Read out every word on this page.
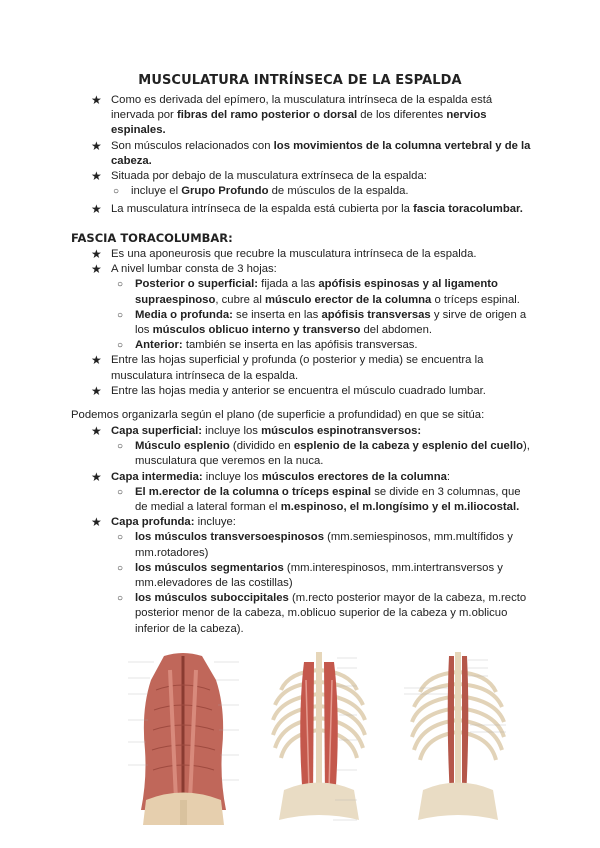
MUSCULATURA INTRÍNSECA DE LA ESPALDA
★ Como es derivada del epímero, la musculatura intrínseca de la espalda está inervada por fibras del ramo posterior o dorsal de los diferentes nervios espinales.
★ Son músculos relacionados con los movimientos de la columna vertebral y de la cabeza.
★ Situada por debajo de la musculatura extrínseca de la espalda:
○ incluye el Grupo Profundo de músculos de la espalda.
★ La musculatura intrínseca de la espalda está cubierta por la fascia toracolumbar.
FASCIA TORACOLUMBAR:
★ Es una aponeurosis que recubre la musculatura intrínseca de la espalda.
★ A nivel lumbar consta de 3 hojas:
○ Posterior o superficial: fijada a las apófisis espinosas y al ligamento supraespinoso, cubre al músculo erector de la columna o tríceps espinal.
○ Media o profunda: se inserta en las apófisis transversas y sirve de origen a los músculos oblicuo interno y transverso del abdomen.
○ Anterior: también se inserta en las apófisis transversas.
★ Entre las hojas superficial y profunda (o posterior y media) se encuentra la musculatura intrínseca de la espalda.
★ Entre las hojas media y anterior se encuentra el músculo cuadrado lumbar.

Podemos organizarla según el plano (de superficie a profundidad) en que se sitúa:

★ Capa superficial: incluye los músculos espinotransversos:
○ Músculo esplenio (dividido en esplenio de la cabeza y esplenio del cuello), musculatura que veremos en la nuca.
★ Capa intermedia: incluye los músculos erectores de la columna:
○ El m.erector de la columna o tríceps espinal se divide en 3 columnas, que de medial a lateral forman el m.espinoso, el m.longísimo y el m.iliocostal.
★ Capa profunda: incluye:
○ los músculos transversoespinosos (mm.semiespinosos, mm.multífidos y mm.rotadores)
○ los músculos segmentarios (mm.interespinosos, mm.intertransversos y mm.elevadores de las costillas)
○ los músculos suboccipitales (m.recto posterior mayor de la cabeza, m.recto posterior menor de la cabeza, m.oblicuo superior de la cabeza y m.oblicuo inferior de la cabeza).
